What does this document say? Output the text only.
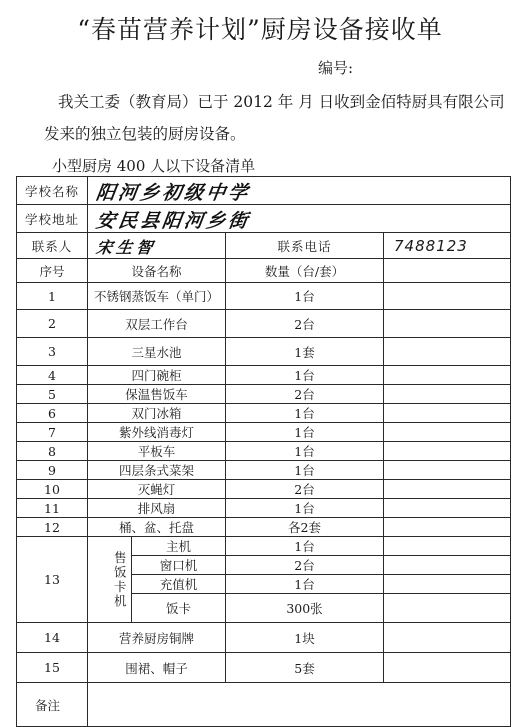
“春苗营养计划”厨房设备接收单
编号:
我关工委（教育局）已于 2012 年 月 日收到金佰特厨具有限公司
发来的独立包装的厨房设备。
小型厨房 400 人以下设备清单
学校名称	阳河乡初级中学				
学校地址	安民县阳河乡街				
联系人	宋生智			联系电话	7488123
序号	设备名称			数量（台/套）	
1	不锈钢蒸饭车（单门）			1台	
2	双层工作台			2台	
3	三星水池			1套	
4	四门碗柜			1台	
5	保温售饭车			2台	
6	双门冰箱			1台	
7	紫外线消毒灯			1台	
8	平板车			1台	
9	四层条式菜架			1台	
10	灭蝇灯			2台	
11	排风扇			1台	
12	桶、盆、托盘			各2套	
13		售饭卡机	主机	1台	
			窗口机	2台	
			充值机	1台	
			饭卡	300张	
14	营养厨房铜牌			1块	
15	围裙、帽子			5套	
备注					
